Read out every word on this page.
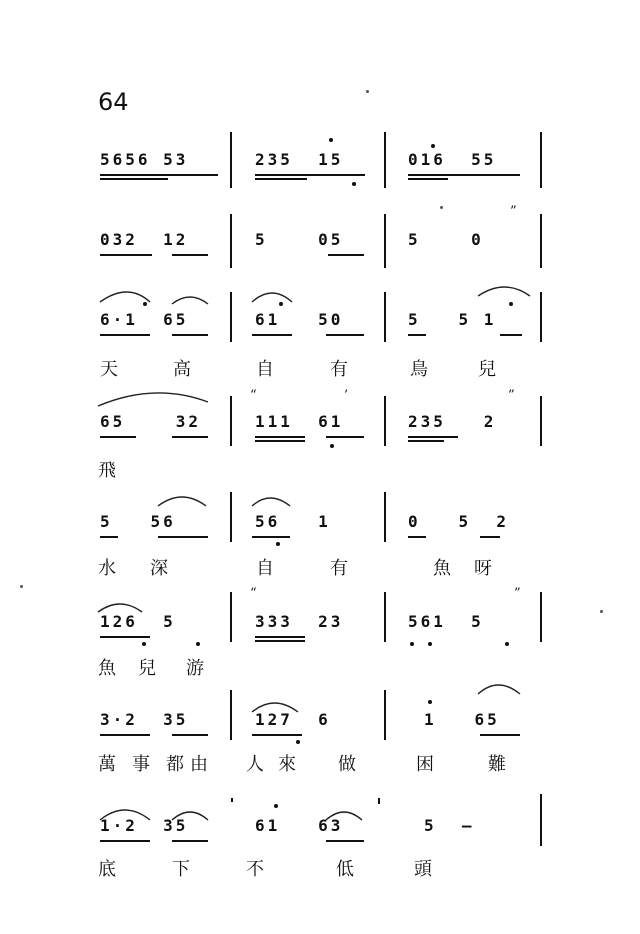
64
5656 53	235  15	016  55
032  12	5    05	5    0
”
6·1  65	61   50	5   5 1
天	高	自	有	鳥	兒
65    32	111  61	235   2
“	’	”
飛
5   56	56   1	0   5  2
水 深	自	有	魚 呀
126  5	333  23	561  5
“	”
魚 兒 游
3·2  35	127  6	1   65
萬 事 都 由 人 來 做	困	難
1·2  35	61   63	5  —
底	下	不	低	頭
